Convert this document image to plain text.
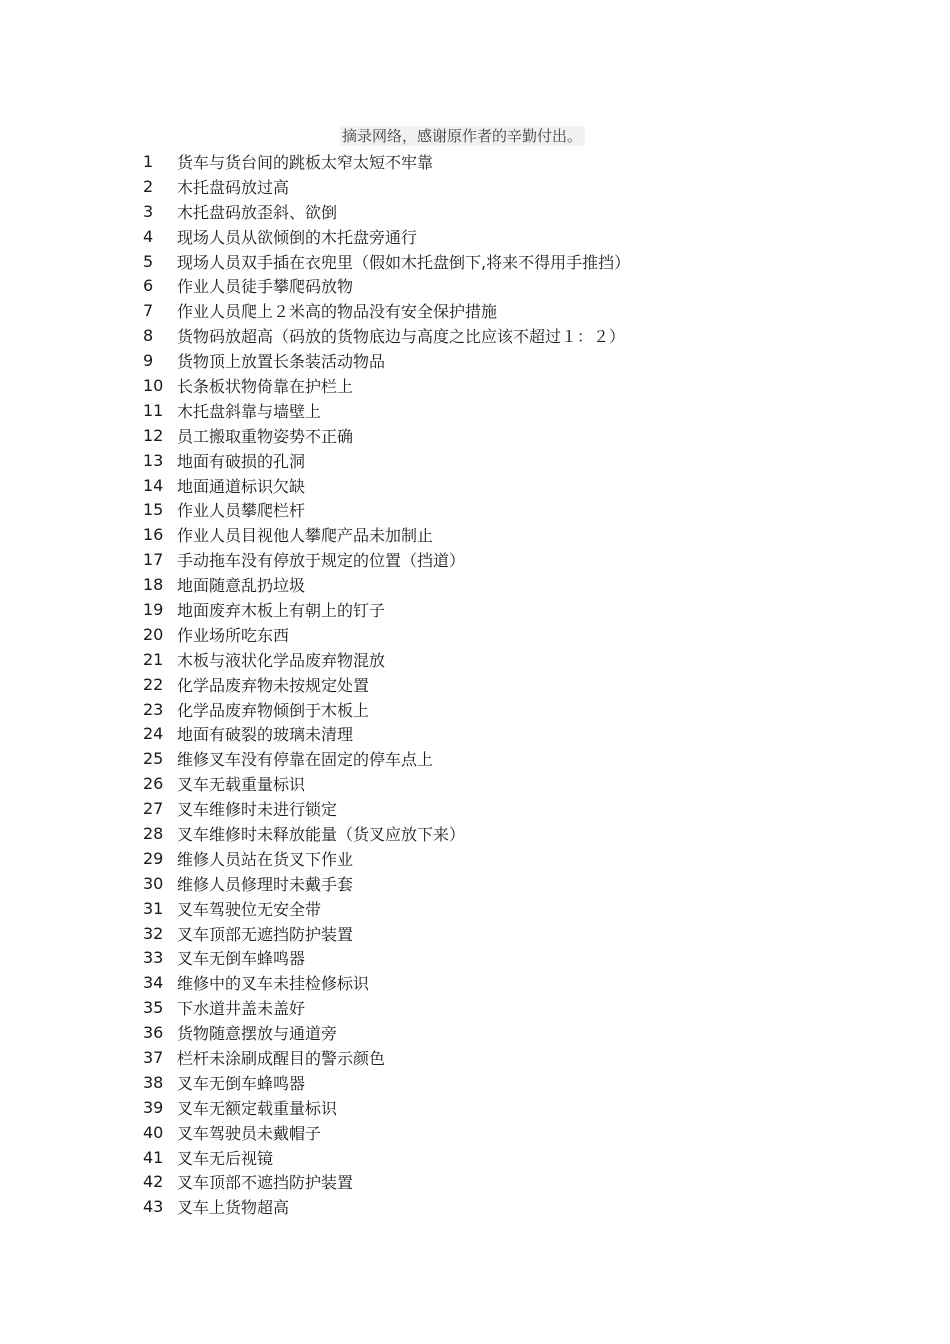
摘录网络，感谢原作者的辛勤付出。
1	货车与货台间的跳板太窄太短不牢靠
2	木托盘码放过高
3	木托盘码放歪斜、欲倒
4	现场人员从欲倾倒的木托盘旁通行
5	现场人员双手插在衣兜里（假如木托盘倒下,将来不得用手推挡）
6	作业人员徒手攀爬码放物
7	作业人员爬上２米高的物品没有安全保护措施
8	货物码放超高（码放的货物底边与高度之比应该不超过１：２）
9	货物顶上放置长条装活动物品
10 长条板状物倚靠在护栏上
11 木托盘斜靠与墙壁上
12 员工搬取重物姿势不正确
13 地面有破损的孔洞
14 地面通道标识欠缺
15 作业人员攀爬栏杆
16 作业人员目视他人攀爬产品未加制止
17 手动拖车没有停放于规定的位置（挡道）
18 地面随意乱扔垃圾
19 地面废弃木板上有朝上的钉子
20 作业场所吃东西
21 木板与液状化学品废弃物混放
22 化学品废弃物未按规定处置
23 化学品废弃物倾倒于木板上
24 地面有破裂的玻璃未清理
25 维修叉车没有停靠在固定的停车点上
26 叉车无载重量标识
27 叉车维修时未进行锁定
28 叉车维修时未释放能量（货叉应放下来）
29 维修人员站在货叉下作业
30 维修人员修理时未戴手套
31 叉车驾驶位无安全带
32 叉车顶部无遮挡防护装置
33 叉车无倒车蜂鸣器
34 维修中的叉车未挂检修标识
35 下水道井盖未盖好
36 货物随意摆放与通道旁
37 栏杆未涂刷成醒目的警示颜色
38 叉车无倒车蜂鸣器
39 叉车无额定载重量标识
40 叉车驾驶员未戴帽子
41 叉车无后视镜
42 叉车顶部不遮挡防护装置
43 叉车上货物超高
